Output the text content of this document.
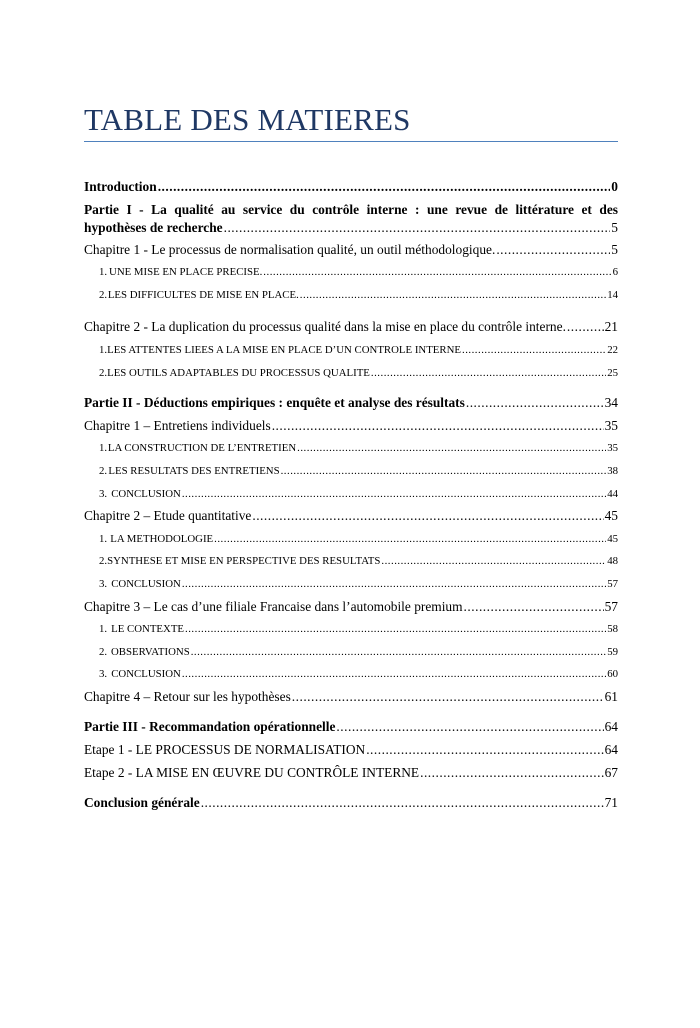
TABLE DES MATIERES
Introduction .....	0
Partie I - La qualité au service du contrôle interne : une revue de littérature et des
hypothèses de recherche .....	5
Chapitre 1 - Le processus de normalisation qualité, un outil méthodologique. .....	5
1. UNE MISE EN PLACE PRECISE. .....	6
2. LES DIFFICULTES DE MISE EN PLACE. .....	14
Chapitre 2 - La duplication du processus qualité dans la mise en place du contrôle interne. .....	21
1. LES ATTENTES LIEES A LA MISE EN PLACE D’UN CONTROLE INTERNE .....	22
2. LES OUTILS ADAPTABLES DU PROCESSUS QUALITE .....	25
Partie II - Déductions empiriques : enquête et analyse des résultats .....	34
Chapitre 1 – Entretiens individuels .....	35
1. LA CONSTRUCTION DE L’ENTRETIEN .....	35
2. LES RESULTATS DES ENTRETIENS .....	38
3. CONCLUSION .....	44
Chapitre 2 – Etude quantitative .....	45
1. LA METHODOLOGIE .....	45
2. SYNTHESE ET MISE EN PERSPECTIVE DES RESULTATS .....	48
3. CONCLUSION .....	57
Chapitre 3 – Le cas d’une filiale Francaise dans l’automobile premium .....	57
1. LE CONTEXTE .....	58
2. OBSERVATIONS .....	59
3. CONCLUSION .....	60
Chapitre 4 – Retour sur les hypothèses .....	61
Partie III - Recommandation opérationnelle .....	64
Etape 1 - LE PROCESSUS DE NORMALISATION .....	64
Etape 2 - LA MISE EN ŒUVRE DU CONTRÔLE INTERNE .....	67
Conclusion générale .....	71
